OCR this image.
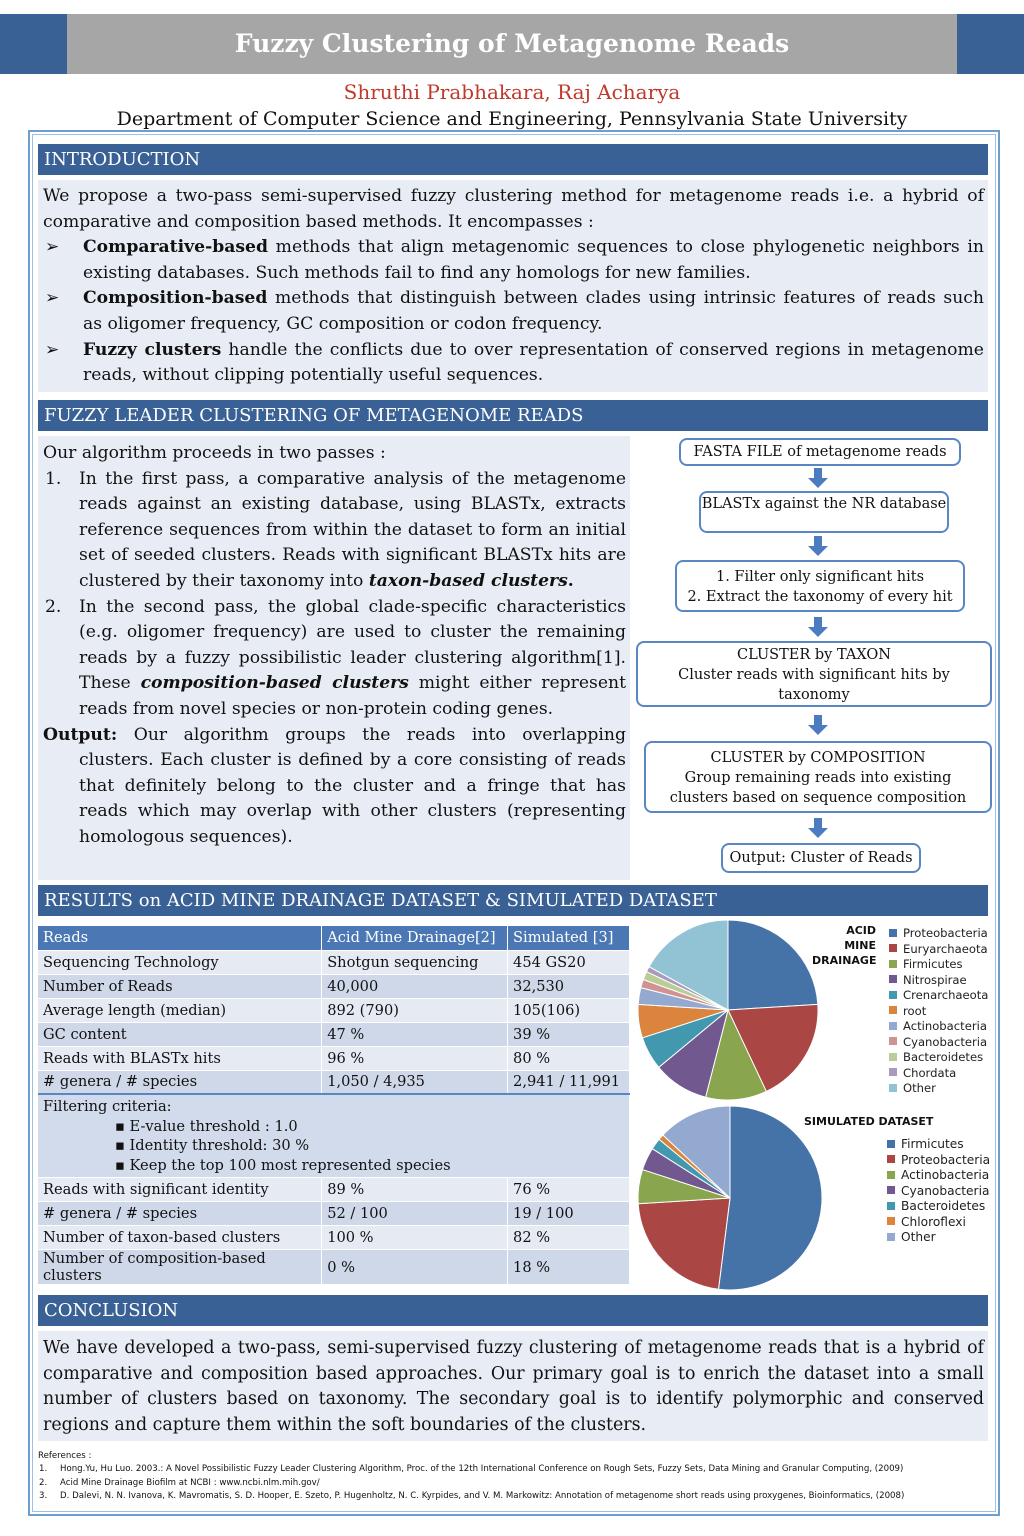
Fuzzy Clustering of Metagenome Reads
Shruthi Prabhakara, Raj Acharya
Department of Computer Science and Engineering, Pennsylvania State University
INTRODUCTION
We propose a two-pass semi-supervised fuzzy clustering method for metagenome reads i.e. a hybrid of comparative and composition based methods. It encompasses :
➢ Comparative-based methods that align metagenomic sequences to close phylogenetic neighbors in existing databases. Such methods fail to find any homologs for new families.
➢ Composition-based methods that distinguish between clades using intrinsic features of reads such as oligomer frequency, GC composition or codon frequency.
➢ Fuzzy clusters handle the conflicts due to over representation of conserved regions in metagenome reads, without clipping potentially useful sequences.
FUZZY LEADER CLUSTERING OF METAGENOME READS
Our algorithm proceeds in two passes :
1. In the first pass, a comparative analysis of the metagenome reads against an existing database, using BLASTx, extracts reference sequences from within the dataset to form an initial set of seeded clusters. Reads with significant BLASTx hits are clustered by their taxonomy into taxon-based clusters.
2. In the second pass, the global clade-specific characteristics (e.g. oligomer frequency) are used to cluster the remaining reads by a fuzzy possibilistic leader clustering algorithm[1]. These composition-based clusters might either represent reads from novel species or non-protein coding genes.
Output: Our algorithm groups the reads into overlapping clusters. Each cluster is defined by a core consisting of reads that definitely belong to the cluster and a fringe that has reads which may overlap with other clusters (representing homologous sequences).
FASTA FILE of metagenome reads
BLASTx against the NR database
1. Filter only significant hits
2. Extract the taxonomy of every hit
CLUSTER by TAXON
Cluster reads with significant hits by taxonomy
CLUSTER by COMPOSITION
Group remaining reads into existing
clusters based on sequence composition
Output: Cluster of Reads
RESULTS on ACID MINE DRAINAGE DATASET & SIMULATED DATASET
Reads	Acid Mine Drainage[2]	Simulated [3]
Sequencing Technology	Shotgun sequencing	454 GS20
Number of Reads	40,000	32,530
Average length (median)	892 (790)	105(106)
GC content	47 %	39 %
Reads with BLASTx hits	96 %	80 %
# genera / # species	1,050 / 4,935	2,941 / 11,991

Filtering criteria:
▪ E-value threshold : 1.0
▪ Identity threshold: 30 %
▪ Keep the top 100 most represented species		

Reads with significant identity	89 %	76 %
# genera / # species	52 / 100	19 / 100
Number of taxon-based clusters	100 %	82 %
Number of composition-based clusters	0 %	18 %
ACID MINE DRAINAGE
Proteobacteria
Euryarchaeota
Firmicutes
Nitrospirae
Crenarchaeota
root
Actinobacteria
Cyanobacteria
Bacteroidetes
Chordata
Other
SIMULATED DATASET
Firmicutes
Proteobacteria
Actinobacteria
Cyanobacteria
Bacteroidetes
Chloroflexi
Other
CONCLUSION
We have developed a two-pass, semi-supervised fuzzy clustering of metagenome reads that is a hybrid of comparative and composition based approaches. Our primary goal is to enrich the dataset into a small number of clusters based on taxonomy. The secondary goal is to identify polymorphic and conserved regions and capture them within the soft boundaries of the clusters.
References :
1. Hong.Yu, Hu Luo. 2003.: A Novel Possibilistic Fuzzy Leader Clustering Algorithm, Proc. of the 12th International Conference on Rough Sets, Fuzzy Sets, Data Mining and Granular Computing, (2009)
2. Acid Mine Drainage Biofilm at NCBI : www.ncbi.nlm.mih.gov/
3. D. Dalevi, N. N. Ivanova, K. Mavromatis, S. D. Hooper, E. Szeto, P. Hugenholtz, N. C. Kyrpides, and V. M. Markowitz: Annotation of metagenome short reads using proxygenes, Bioinformatics, (2008)
